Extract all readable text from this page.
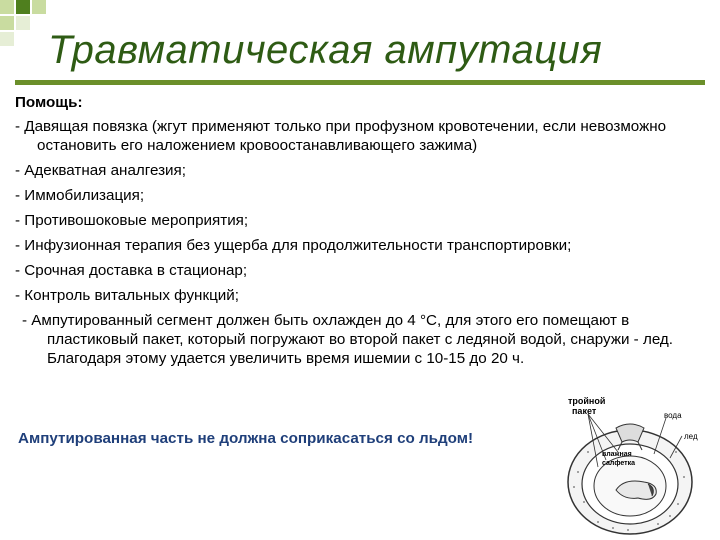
Травматическая ампутация
Помощь:
- Давящая повязка (жгут применяют только при профузном кровотечении, если невозможно остановить его наложением кровоостанавливающего зажима)
- Адекватная аналгезия;
- Иммобилизация;
- Противошоковые мероприятия;
- Инфузионная терапия без ущерба для продолжительности транспортировки;
- Срочная доставка в стационар;
- Контроль витальных функций;
- Ампутированный сегмент должен быть охлажден до 4 °С, для этого его помещают в пластиковый пакет, который погружают во второй пакет с ледяной водой, снаружи - лед. Благодаря этому удается увеличить время ишемии с 10-15 до 20 ч.
Ампутированная часть не должна соприкасаться со льдом!
тройной
пакет	вода
лед
влажная
салфетка
